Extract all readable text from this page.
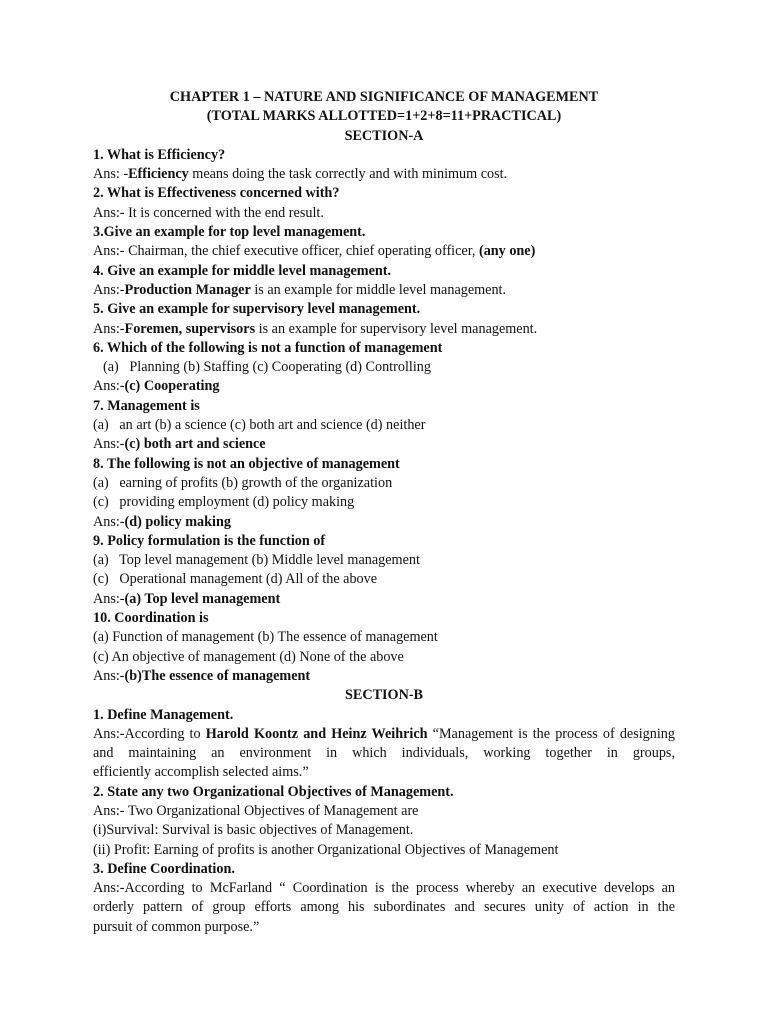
CHAPTER 1 – NATURE AND SIGNIFICANCE OF MANAGEMENT
(TOTAL MARKS ALLOTTED=1+2+8=11+PRACTICAL)
SECTION-A
1. What is Efficiency?
Ans: -Efficiency means doing the task correctly and with minimum cost.
2. What is Effectiveness concerned with?
Ans:- It is concerned with the end result.
3.Give an example for top level management.
Ans:- Chairman, the chief executive officer, chief operating officer, (any one)
4. Give an example for middle level management.
Ans:-Production Manager is an example for middle level management.
5. Give an example for supervisory level management.
Ans:-Foremen, supervisors is an example for supervisory level management.
6. Which of the following is not a function of management
(a)   Planning (b) Staffing (c) Cooperating (d) Controlling
Ans:-(c) Cooperating
7. Management is
(a)   an art (b) a science (c) both art and science (d) neither
Ans:-(c) both art and science
8. The following is not an objective of management
(a)   earning of profits (b) growth of the organization
(c)   providing employment (d) policy making
Ans:-(d) policy making
9. Policy formulation is the function of
(a)   Top level management (b) Middle level management
(c)   Operational management (d) All of the above
Ans:-(a) Top level management
10. Coordination is
(a) Function of management (b) The essence of management
(c) An objective of management (d) None of the above
Ans:-(b)The essence of management
SECTION-B
1. Define Management.
Ans:-According to Harold Koontz and Heinz Weihrich “Management is the process of designing and maintaining an environment in which individuals, working together in groups,
efficiently accomplish selected aims.”
2. State any two Organizational Objectives of Management.
Ans:- Two Organizational Objectives of Management are
(i)Survival: Survival is basic objectives of Management.
(ii) Profit: Earning of profits is another Organizational Objectives of Management
3. Define Coordination.
Ans:-According to McFarland “ Coordination is the process whereby an executive develops an orderly pattern of group efforts among his subordinates and secures unity of action in the
pursuit of common purpose.”
